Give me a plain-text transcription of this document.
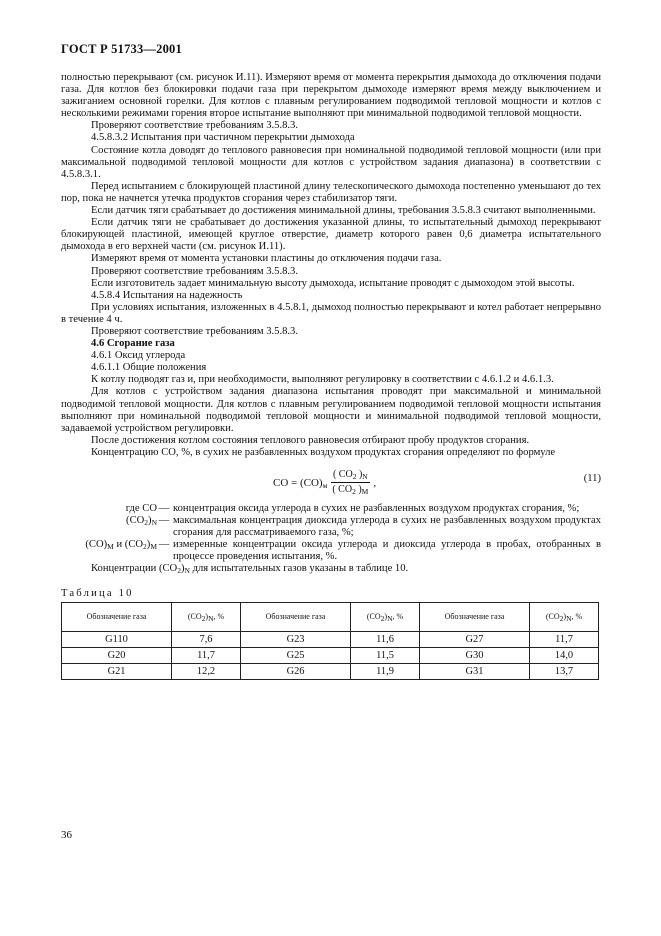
ГОСТ Р 51733—2001

полностью перекрывают (см. рисунок И.11). Измеряют время от момента перекрытия дымохода до отключения подачи газа. Для котлов без блокировки подачи газа при перекрытом дымоходе измеряют время между выключением и зажиганием основной горелки. Для котлов с плавным регулированием подводимой тепловой мощности и котлов с несколькими режимами горения второе испытание выполняют при минимальной подводимой тепловой мощности.

Проверяют соответствие требованиям 3.5.8.3.

4.5.8.3.2 Испытания при частичном перекрытии дымохода

Состояние котла доводят до теплового равновесия при номинальной подводимой тепловой мощности (или при максимальной подводимой тепловой мощности для котлов с устройством задания диапазона) в соответствии с 4.5.8.3.1.

Перед испытанием с блокирующей пластиной длину телескопического дымохода постепенно уменьшают до тех пор, пока не начнется утечка продуктов сгорания через стабилизатор тяги.

Если датчик тяги срабатывает до достижения минимальной длины, требования 3.5.8.3 считают выполненными.

Если датчик тяги не срабатывает до достижения указанной длины, то испытательный дымоход перекрывают блокирующей пластиной, имеющей круглое отверстие, диаметр которого равен 0,6 диаметра испытательного дымохода в его верхней части (см. рисунок И.11).

Измеряют время от момента установки пластины до отключения подачи газа.

Проверяют соответствие требованиям 3.5.8.3.

Если изготовитель задает минимальную высоту дымохода, испытание проводят с дымоходом этой высоты.

4.5.8.4 Испытания на надежность

При условиях испытания, изложенных в 4.5.8.1, дымоход полностью перекрывают и котел работает непрерывно в течение 4 ч.

Проверяют соответствие требованиям 3.5.8.3.

4.6 Сгорание газа

4.6.1 Оксид углерода

4.6.1.1 Общие положения

К котлу подводят газ и, при необходимости, выполняют регулировку в соответствии с 4.6.1.2 и 4.6.1.3.

Для котлов с устройством задания диапазона испытания проводят при максимальной и минимальной подводимой тепловой мощности. Для котлов с плавным регулированием подводимой тепловой мощности испытания выполняют при номинальной подводимой тепловой мощности и минимальной подводимой тепловой мощности, задаваемой устройством регулировки.

После достижения котлом состояния теплового равновесия отбирают пробу продуктов сгорания.

Концентрацию CO, %, в сухих не разбавленных воздухом продуктах сгорания определяют по формуле

CO = $(CO)_м \frac{( CO_2 )_N}{( CO_2 )_M}$ ,	(11)
где CO — концентрация оксида углерода в сухих не разбавленных воздухом продуктах сгорания, %;
$(CO_2)_N$ — максимальная концентрация диоксида углерода в сухих не разбавленных воздухом продуктах сгорания для рассматриваемого газа, %;
$(CO)_M$ и $(CO_2)_M$ — измеренные концентрации оксида углерода и диоксида углерода в пробах, отобранных в процессе проведения испытания, %.

Концентрации $(CO_2)_N$ для испытательных газов указаны в таблице 10.

Таблица 10
Обозначение газа	$(CO_2)_N$, %	Обозначение газа	$(CO_2)_N$, %	Обозначение газа	$(CO_2)_N$, %
G110	7,6	G23	11,6	G27	11,7
G20	11,7	G25	11,5	G30	14,0
G21	12,2	G26	11,9	G31	13,7
36
